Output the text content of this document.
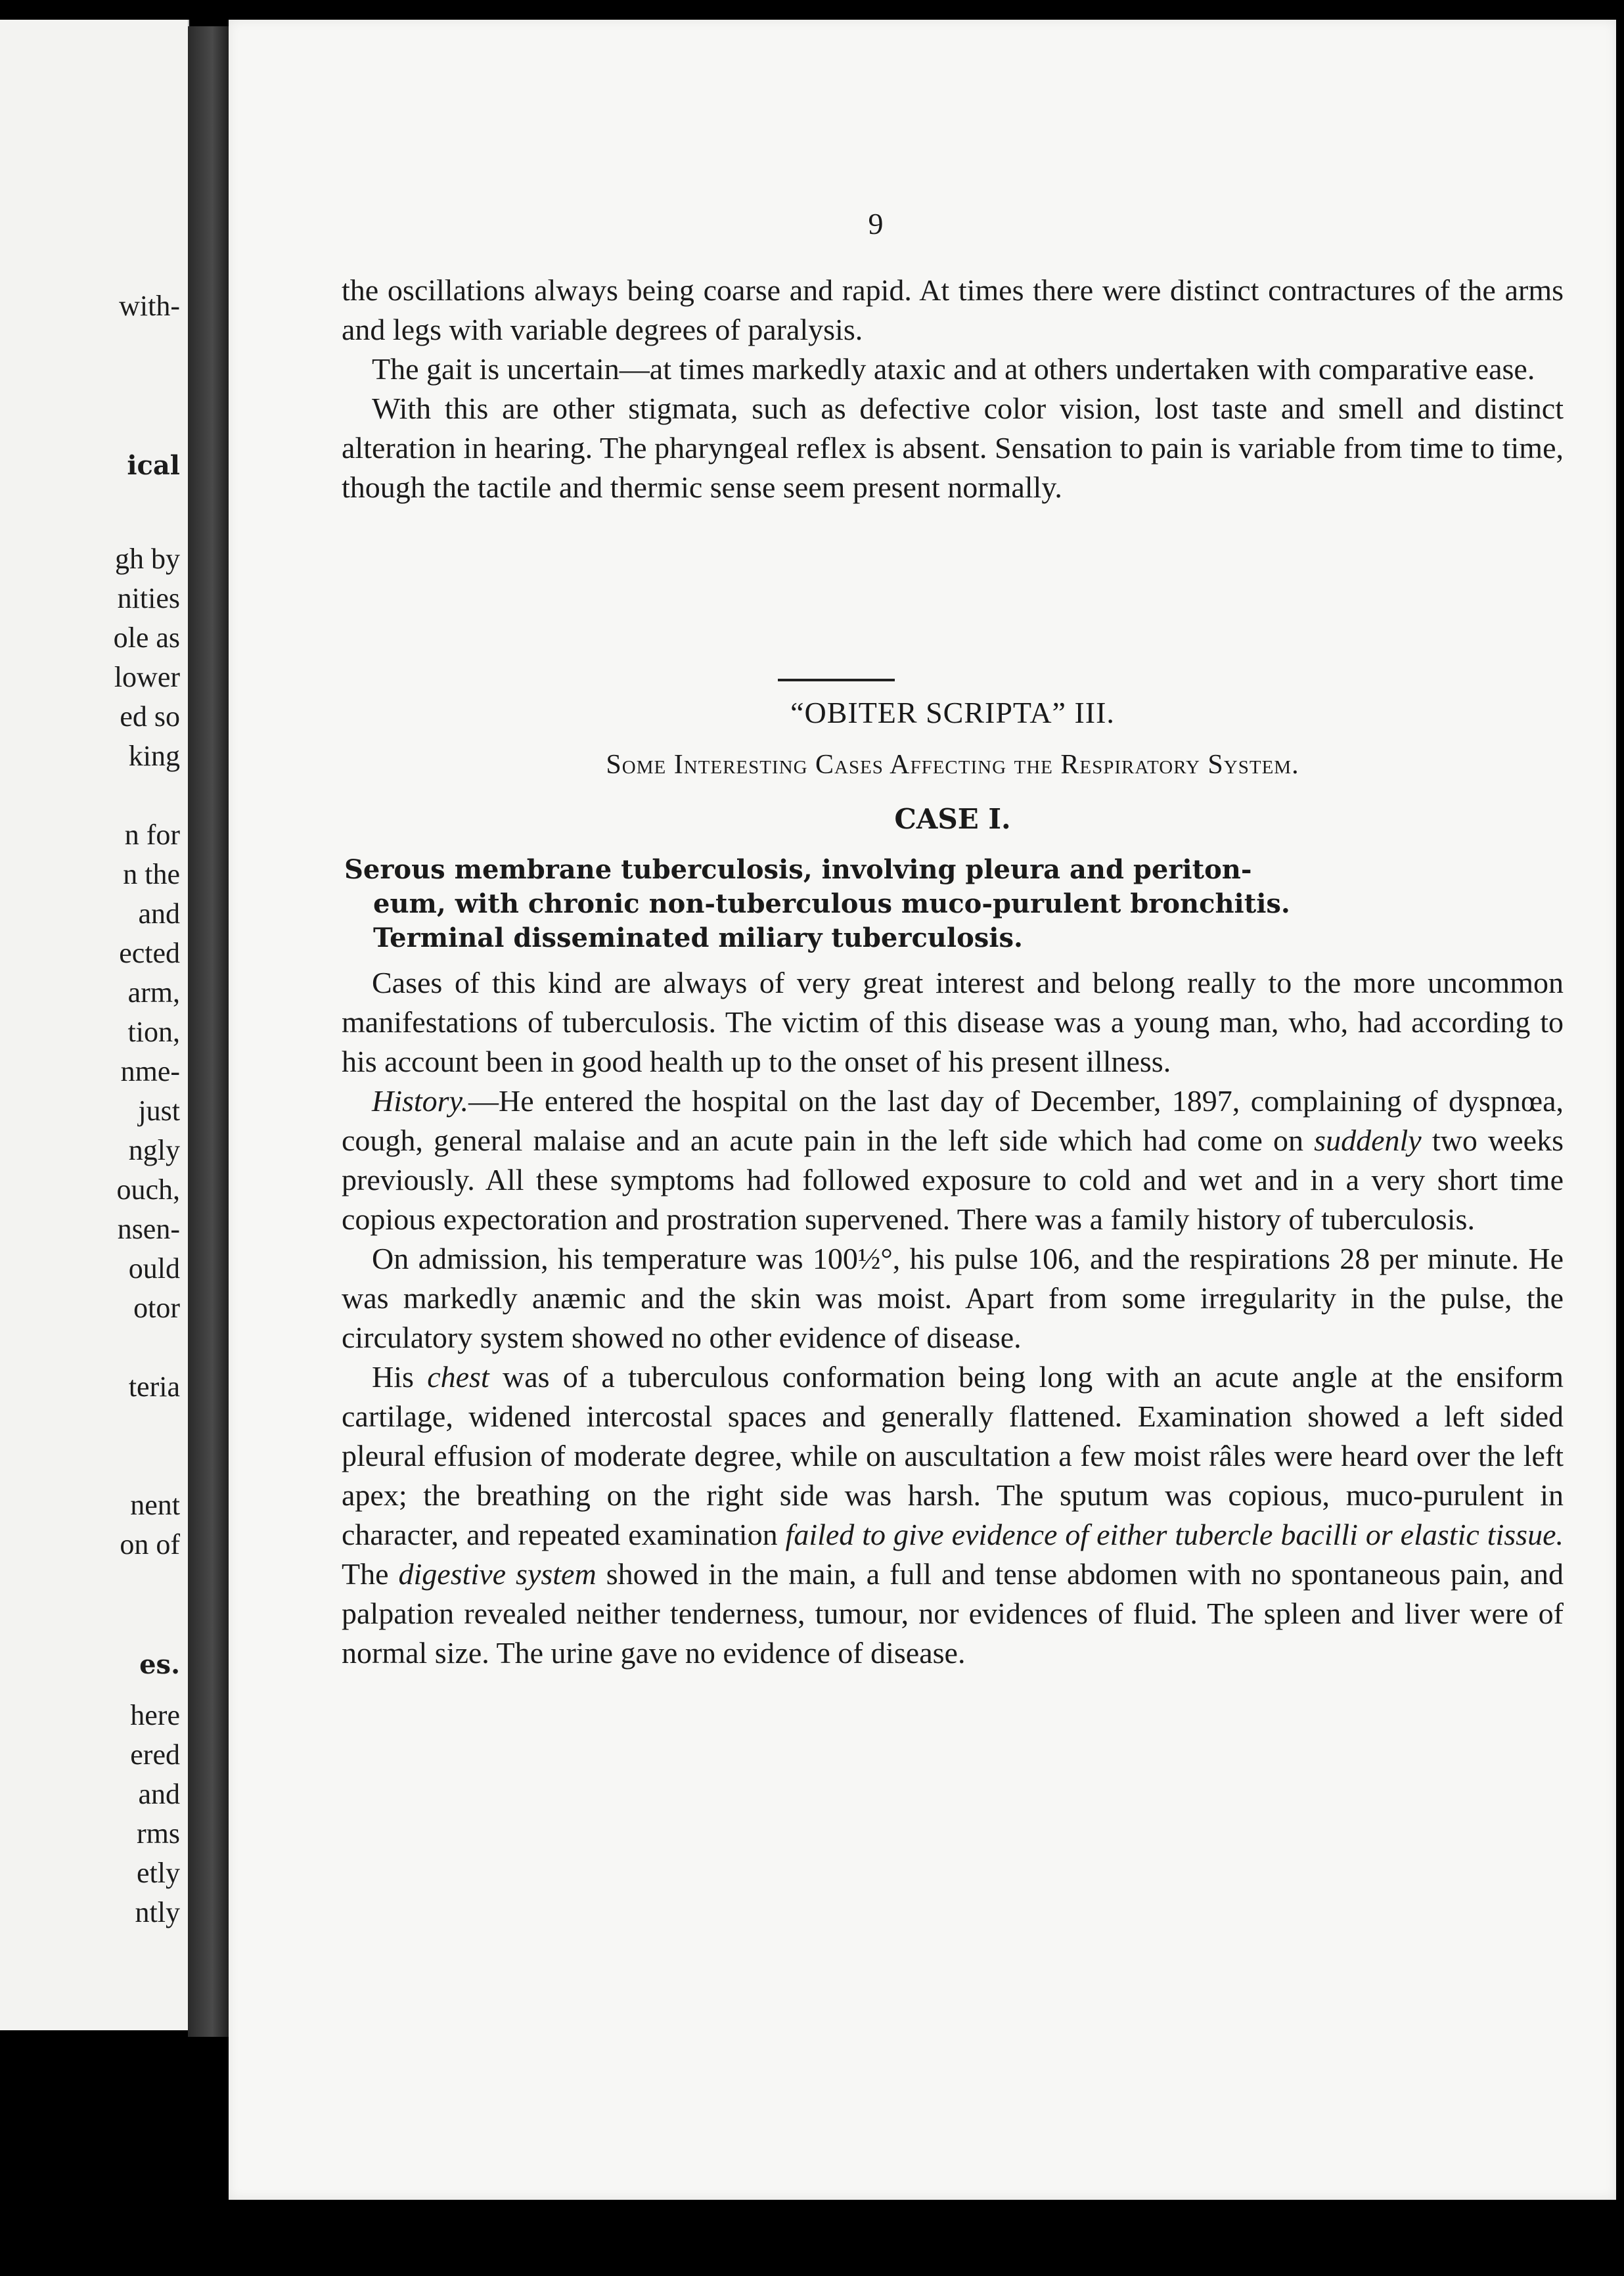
with-
ical
gh by
nities
ole as
lower
ed so
king
n for
n the
and
ected
arm,
tion,
nme-
just
ngly
ouch,
nsen-
ould
otor
teria
nent
on of
es.
here
ered
and
rms
etly
ntly
9

the oscillations always being coarse and rapid. At times there were distinct contractures of the arms and legs with variable degrees of paralysis.

The gait is uncertain—at times markedly ataxic and at others undertaken with comparative ease.

With this are other stigmata, such as defective color vision, lost taste and smell and distinct alteration in hearing. The pharyngeal reflex is absent. Sensation to pain is variable from time to time, though the tactile and thermic sense seem present normally.

“OBITER SCRIPTA” III.
Some Interesting Cases Affecting the Respiratory System.
CASE I.
Serous membrane tuberculosis, involving pleura and periton-
eum, with chronic non-tuberculous muco-purulent bronchitis.
Terminal disseminated miliary tuberculosis.

Cases of this kind are always of very great interest and belong really to the more uncommon manifestations of tuberculosis. The victim of this disease was a young man, who, had according to his account been in good health up to the onset of his present illness.

History.—He entered the hospital on the last day of December, 1897, complaining of dyspnœa, cough, general malaise and an acute pain in the left side which had come on suddenly two weeks previously. All these symptoms had followed exposure to cold and wet and in a very short time copious expectoration and prostration supervened. There was a family history of tuberculosis.

On admission, his temperature was 100½°, his pulse 106, and the respirations 28 per minute. He was markedly anæmic and the skin was moist. Apart from some irregularity in the pulse, the circulatory system showed no other evidence of disease.

His chest was of a tuberculous conformation being long with an acute angle at the ensiform cartilage, widened intercostal spaces and generally flattened. Examination showed a left sided pleural effusion of moderate degree, while on auscultation a few moist râles were heard over the left apex; the breathing on the right side was harsh. The sputum was copious, muco-purulent in character, and repeated examination failed to give evidence of either tubercle bacilli or elastic tissue. The digestive system showed in the main, a full and tense abdomen with no spontaneous pain, and palpation revealed neither tenderness, tumour, nor evidences of fluid. The spleen and liver were of normal size. The urine gave no evidence of disease.
